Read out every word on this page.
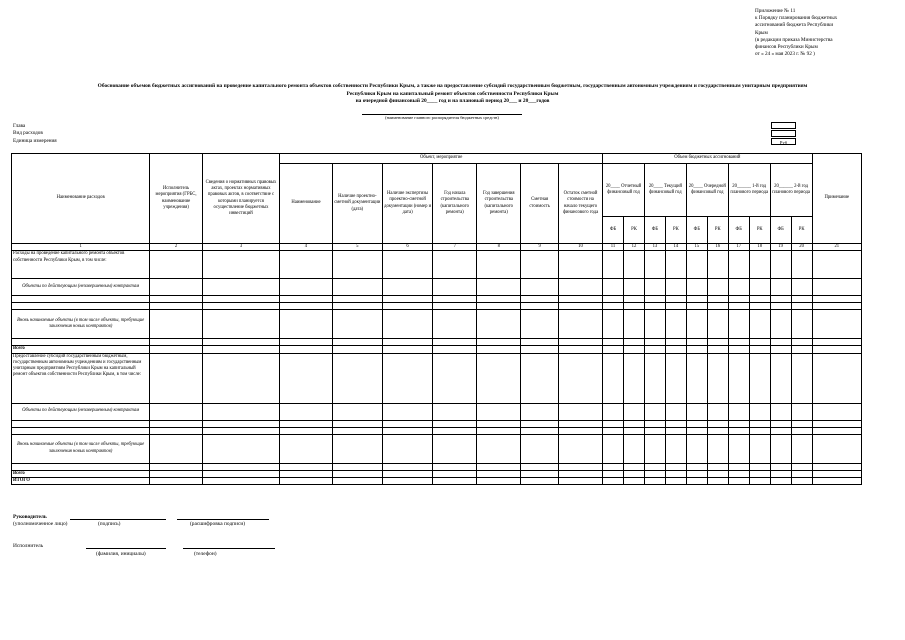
Приложение № 11
к Порядку планирования бюджетных
ассигнований бюджета Республики
Крым
(в редакции приказа Министерства
финансов Республики Крым
от « 24 » мая 2023 г. № 92 )
Обоснование объемов бюджетных ассигнований на проведение капитального ремонта объектов собственности Республики Крым, а также на предоставление субсидий государственным бюджетным, государственным автономным учреждениям и государственным унитарным предприятиям
Республики Крым на капитальный ремонт объектов собственности Республики Крым
на очередной финансовый 20____ год и на плановый период 20___ и 20___годов
(наименование главного распорядителя бюджетных средств)
Глава
Вид расходов
Единица измерения	Руб
Наименование расходов	Исполнитель мероприятия (ГРБС, наименование учреждения)	Сведения о нормативных правовых актах, проектах нормативных правовых актов, в соответствие с которыми планируется осуществление бюджетных инвестиций	Объект, мероприятие							Объем бюджетных ассигнований										Примечание
			Наименование	Наличие проектно-сметной документации (дата)	Наличие экспертизы проектно-сметной документации (номер и дата)	Год начала строительства (капитального ремонта)	Год завершения строительства (капитального ремонта)	Сметная стоимость	Остаток сметной стоимости на начало текущего финансового года	20____ Отчетный финансовый год		20____ Текущий финансовый год		20____ Очередной финансовый год		20______ 1-й год планового периода		20______ 2-й год планового периода		
										ФБ	РК	ФБ	РК	ФБ	РК	ФБ	РК	ФБ	РК	
1	2	3	4	5	6	7	8	9	10	11	12	13	14	15	16	17	18	19	20	21
Расходы на проведение капитального ремонта объектов собственности Республики Крым, в том числе:																				
Объекты по действующим (незавершенным) контрактам																				

Вновь начинаемые объекты (в том числе объекты, требующие заключения новых контрактов)																				

Всего																				
Предоставление субсидий государственным бюджетным, государственным автономным учреждениям и государственным унитарным предприятиям Республики Крым на капитальный ремонт объектов собственности Республики Крым, в том числе:																				
Объекты по действующим (незавершенным) контрактам																				

Вновь начинаемые объекты (в том числе объекты, требующие заключения новых контрактов)																				

Всего																				
ИТОГО																				
Руководитель
(уполномоченное лицо)	(подпись)	(расшифровка подписи)
Исполнитель
(фамилия, инициалы)	(телефон)
